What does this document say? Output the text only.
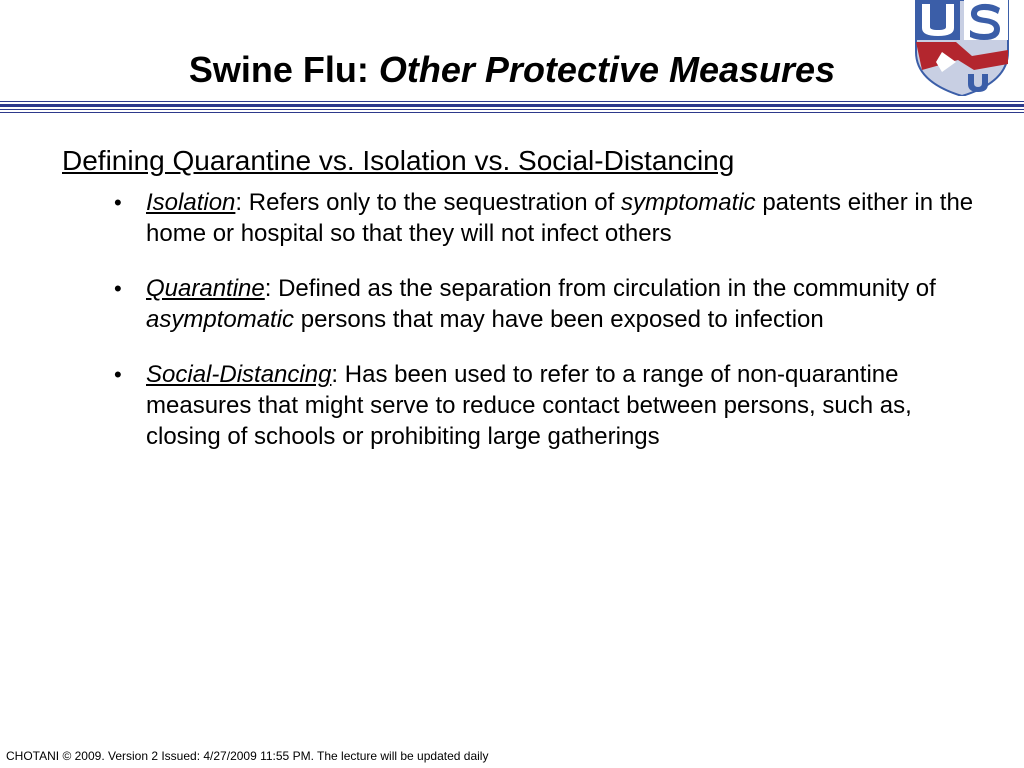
Swine Flu: Other Protective Measures
Defining Quarantine vs. Isolation vs. Social-Distancing
• Isolation: Refers only to the sequestration of symptomatic patents either in the home or hospital so that they will not infect others
• Quarantine: Defined as the separation from circulation in the community of asymptomatic persons that may have been exposed to infection
• Social-Distancing: Has been used to refer to a range of non-quarantine measures that might serve to reduce contact between persons, such as, closing of schools or prohibiting large gatherings
CHOTANI © 2009. Version 2 Issued: 4/27/2009 11:55 PM. The lecture will be updated daily
